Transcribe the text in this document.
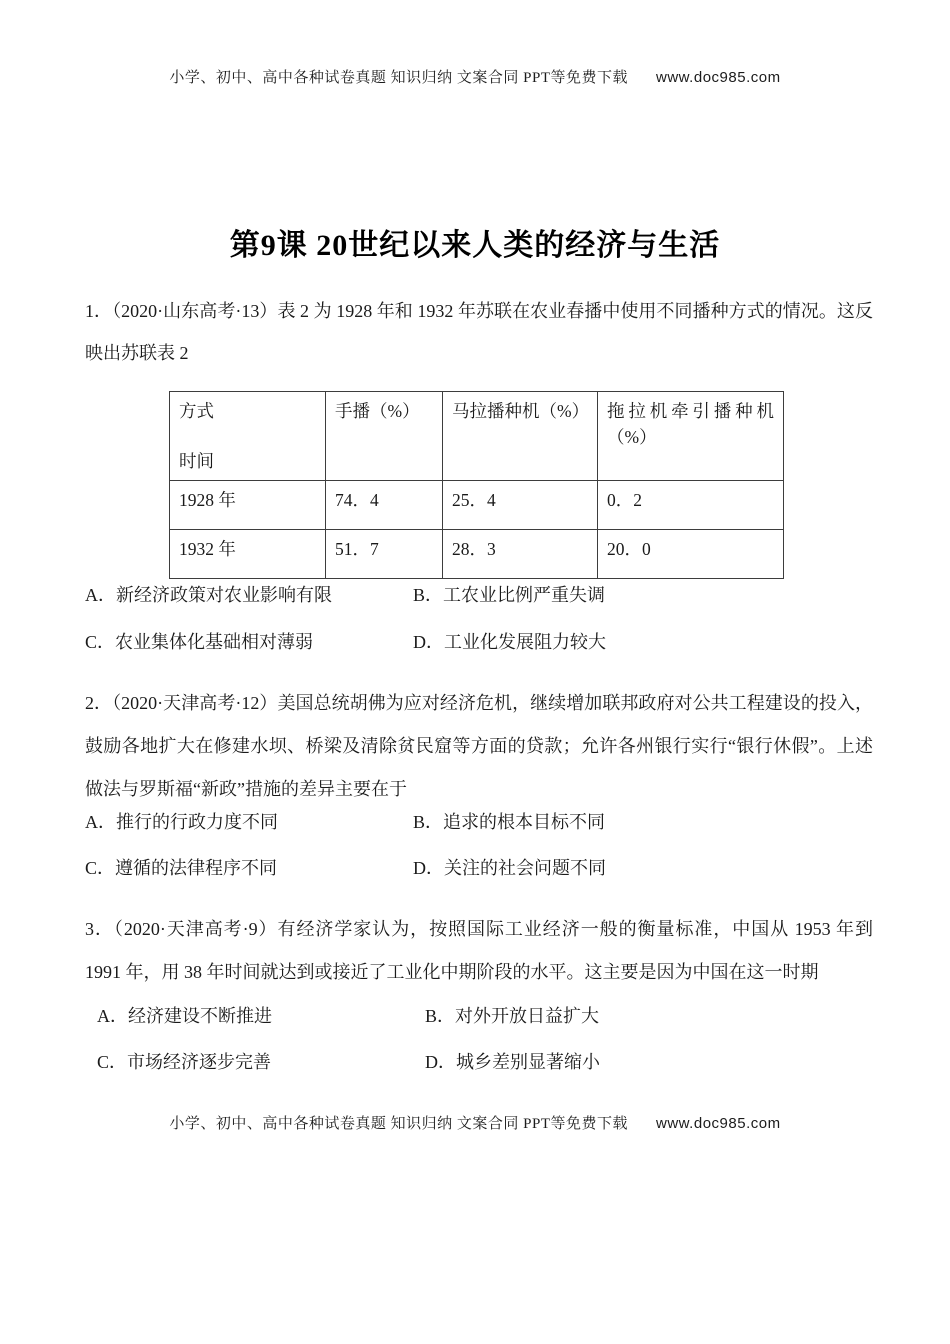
小学、初中、高中各种试卷真题 知识归纳 文案合同 PPT等免费下载 www.doc985.com
第9课 20世纪以来人类的经济与生活
1．（2020·山东高考·13）表 2 为 1928 年和 1932 年苏联在农业春播中使用不同播种方式的情况。这反映出苏联表 2
方式
时间	手播（%）	马拉播种机（%）	拖拉机牵引播种机（%）
1928 年	74．4	25．4	0．2
1932 年	51．7	28．3	20．0
A．新经济政策对农业影响有限	B．工农业比例严重失调
C．农业集体化基础相对薄弱	D．工业化发展阻力较大
2．（2020·天津高考·12）美国总统胡佛为应对经济危机，继续增加联邦政府对公共工程建设的投入，鼓励各地扩大在修建水坝、桥梁及清除贫民窟等方面的贷款；允许各州银行实行“银行休假”。上述做法与罗斯福“新政”措施的差异主要在于
A．推行的行政力度不同	B．追求的根本目标不同
C．遵循的法律程序不同	D．关注的社会问题不同
3．（2020·天津高考·9）有经济学家认为，按照国际工业经济一般的衡量标准，中国从 1953 年到 1991 年，用 38 年时间就达到或接近了工业化中期阶段的水平。这主要是因为中国在这一时期
A．经济建设不断推进	B．对外开放日益扩大
C．市场经济逐步完善	D．城乡差别显著缩小
小学、初中、高中各种试卷真题 知识归纳 文案合同 PPT等免费下载 www.doc985.com
